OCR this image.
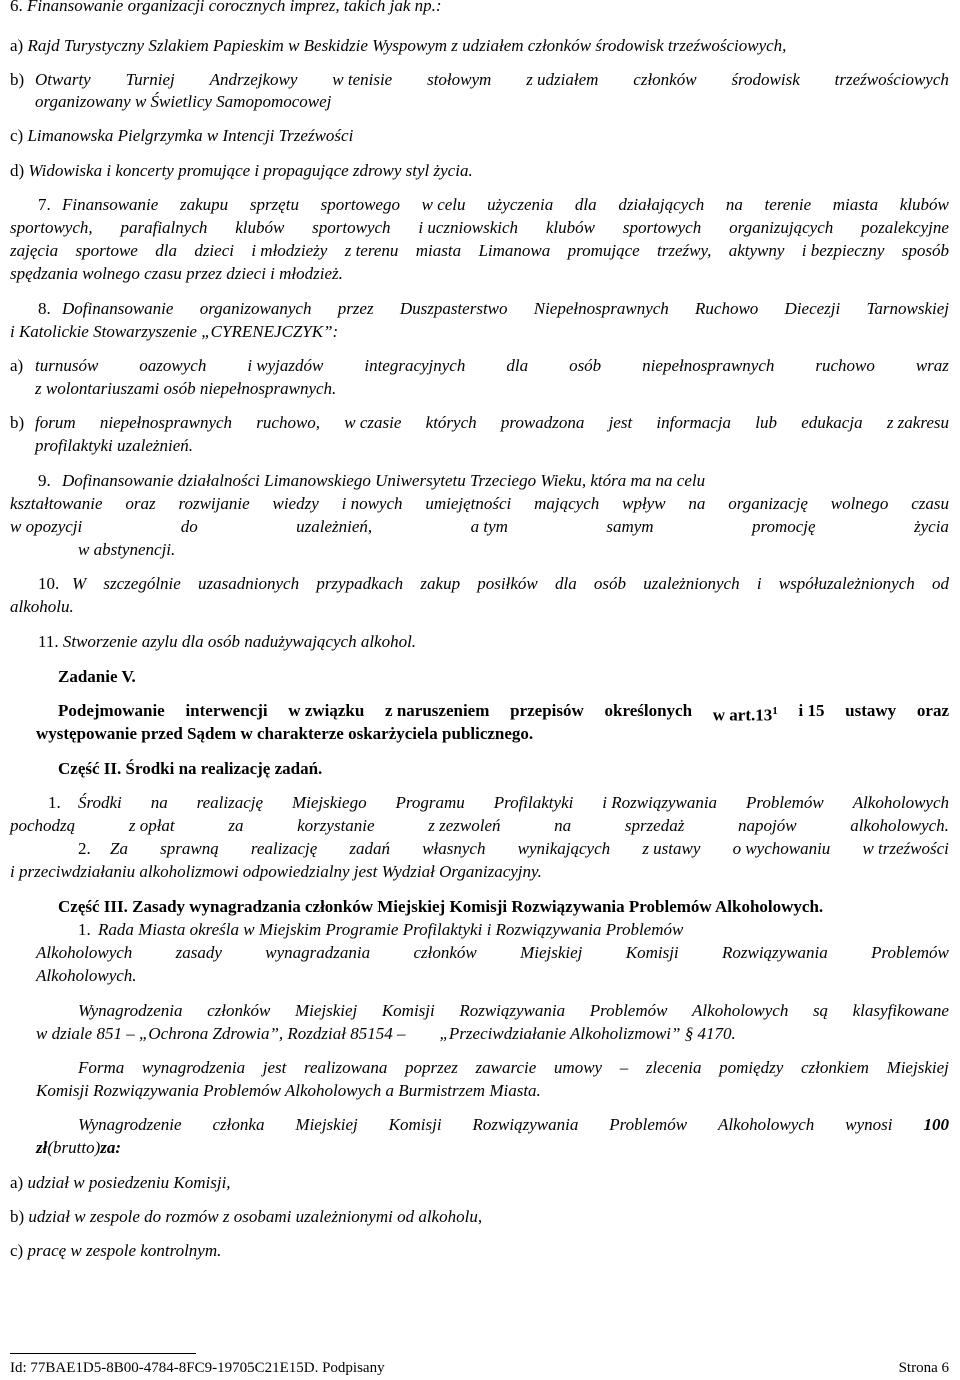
6. Finansowanie organizacji corocznych imprez, takich jak np.:
a) Rajd Turystyczny Szlakiem Papieskim w Beskidzie Wyspowym z udziałem członków środowisk trzeźwościowych,
b) Otwarty Turniej Andrzejkowy w tenisie stołowym z udziałem członków środowisk trzeźwościowych
organizowany w Świetlicy Samopomocowej
c) Limanowska Pielgrzymka w Intencji Trzeźwości
d) Widowiska i koncerty promujące i propagujące zdrowy styl życia.
7. Finansowanie zakupu sprzętu sportowego w celu użyczenia dla działających na terenie miasta klubów
sportowych, parafialnych klubów sportowych i uczniowskich klubów sportowych organizujących pozalekcyjne
zajęcia sportowe dla dzieci i młodzieży z terenu miasta Limanowa promujące trzeźwy, aktywny i bezpieczny sposób
spędzania wolnego czasu przez dzieci i młodzież.
8. Dofinansowanie organizowanych przez Duszpasterstwo Niepełnosprawnych Ruchowo Diecezji Tarnowskiej
i Katolickie Stowarzyszenie „CYRENEJCZYK”:
a) turnusów oazowych i wyjazdów integracyjnych dla osób niepełnosprawnych ruchowo wraz
z wolontariuszami osób niepełnosprawnych.
b) forum niepełnosprawnych ruchowo, w czasie których prowadzona jest informacja lub edukacja z zakresu
profilaktyki uzależnień.
9. Dofinansowanie działalności Limanowskiego Uniwersytetu Trzeciego Wieku, która ma na celu
kształtowanie oraz rozwijanie wiedzy i nowych umiejętności mających wpływ na organizację wolnego czasu
w opozycji	do	uzależnień,	a tym	samym	promocję	życia
w abstynencji.
10. W szczególnie uzasadnionych przypadkach zakup posiłków dla osób uzależnionych i współuzależnionych od
alkoholu.
11. Stworzenie azylu dla osób nadużywających alkohol.
Zadanie V.
Podejmowanie interwencji w związku z naruszeniem przepisów określonych w $art.13^1$ i 15 ustawy oraz
występowanie przed Sądem w charakterze oskarżyciela publicznego.
Część II. Środki na realizację zadań.
1. Środki na realizację Miejskiego Programu Profilaktyki i Rozwiązywania Problemów Alkoholowych
pochodzą	z opłat	za	korzystanie	z zezwoleń	na	sprzedaż	napojów	alkoholowych.
2. Za sprawną realizację zadań własnych wynikających z ustawy o wychowaniu w trzeźwości
i przeciwdziałaniu alkoholizmowi odpowiedzialny jest Wydział Organizacyjny.
Część III. Zasady wynagradzania członków Miejskiej Komisji Rozwiązywania Problemów Alkoholowych.
1. Rada Miasta określa w Miejskim Programie Profilaktyki i Rozwiązywania Problemów
Alkoholowych	zasady	wynagradzania	członków	Miejskiej	Komisji	Rozwiązywania	Problemów
Alkoholowych.
Wynagrodzenia członków Miejskiej Komisji Rozwiązywania Problemów Alkoholowych są klasyfikowane
w dziale 851 – „Ochrona Zdrowia”, Rozdział 85154 –        „Przeciwdziałanie Alkoholizmowi” § 4170.
Forma wynagrodzenia jest realizowana poprzez zawarcie umowy – zlecenia pomiędzy członkiem Miejskiej
Komisji Rozwiązywania Problemów Alkoholowych a Burmistrzem Miasta.
Wynagrodzenie członka Miejskiej Komisji Rozwiązywania Problemów Alkoholowych wynosi 100
zł(brutto)za:
a) udział w posiedzeniu Komisji,
b) udział w zespole do rozmów z osobami uzależnionymi od alkoholu,
c) pracę w zespole kontrolnym.
Id: 77BAE1D5-8B00-4784-8FC9-19705C21E15D. Podpisany	Strona 6
